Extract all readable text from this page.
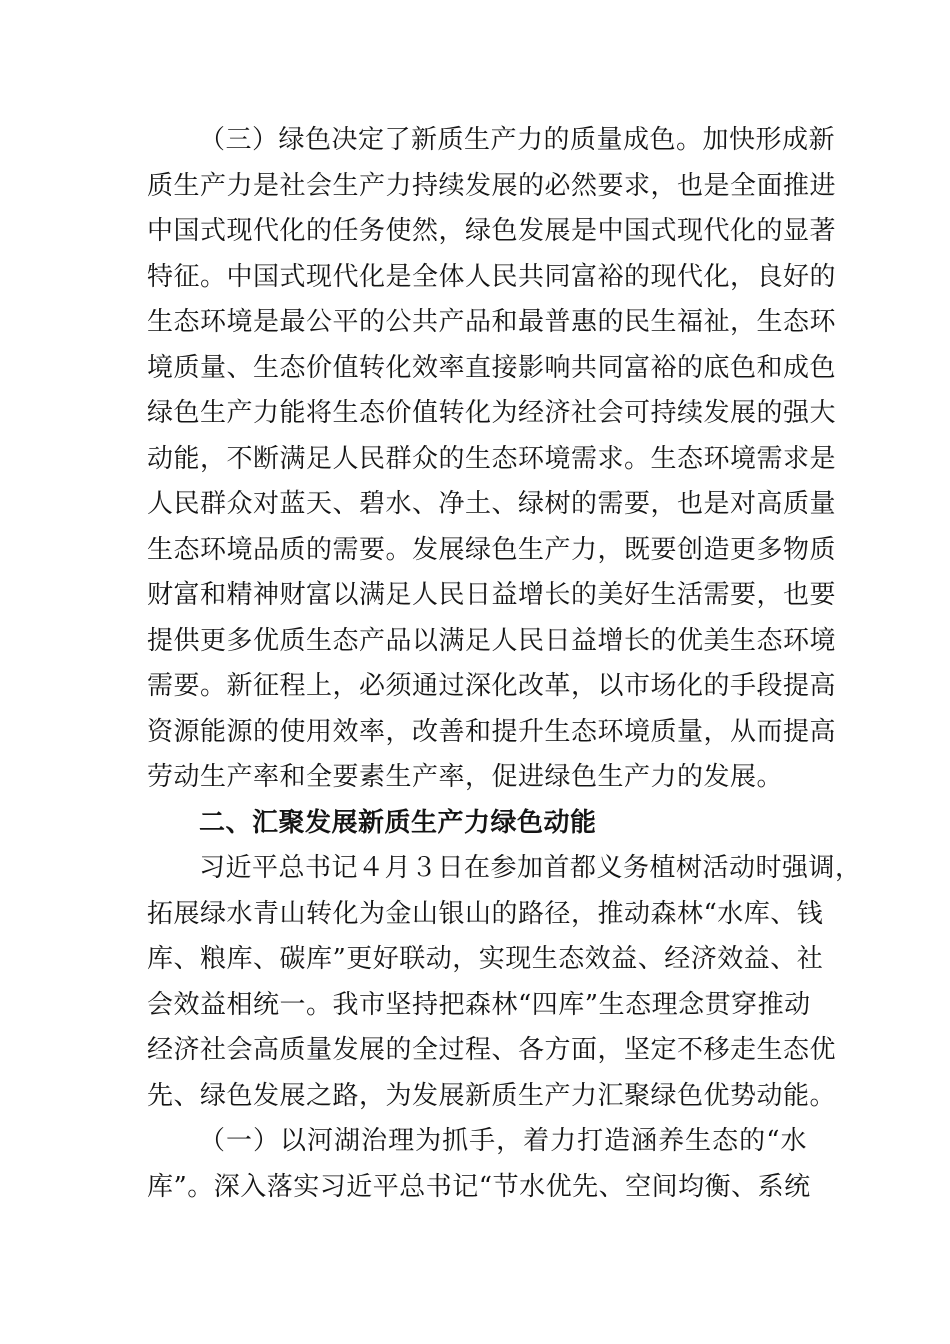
（三）绿色决定了新质生产力的质量成色。加快形成新
质生产力是社会生产力持续发展的必然要求，也是全面推进
中国式现代化的任务使然，绿色发展是中国式现代化的显著
特征。中国式现代化是全体人民共同富裕的现代化，良好的
生态环境是最公平的公共产品和最普惠的民生福祉，生态环
境质量、生态价值转化效率直接影响共同富裕的底色和成色
绿色生产力能将生态价值转化为经济社会可持续发展的强大
动能，不断满足人民群众的生态环境需求。生态环境需求是
人民群众对蓝天、碧水、净土、绿树的需要，也是对高质量
生态环境品质的需要。发展绿色生产力，既要创造更多物质
财富和精神财富以满足人民日益增长的美好生活需要，也要
提供更多优质生态产品以满足人民日益增长的优美生态环境
需要。新征程上，必须通过深化改革，以市场化的手段提高
资源能源的使用效率，改善和提升生态环境质量，从而提高
劳动生产率和全要素生产率，促进绿色生产力的发展。
二、汇聚发展新质生产力绿色动能
习近平总书记４月３日在参加首都义务植树活动时强调，
拓展绿水青山转化为金山银山的路径，推动森林“水库、钱
库、粮库、碳库”更好联动，实现生态效益、经济效益、社
会效益相统一。我市坚持把森林“四库”生态理念贯穿推动
经济社会高质量发展的全过程、各方面，坚定不移走生态优
先、绿色发展之路，为发展新质生产力汇聚绿色优势动能。
（一）以河湖治理为抓手，着力打造涵养生态的“水
库”。深入落实习近平总书记“节水优先、空间均衡、系统
